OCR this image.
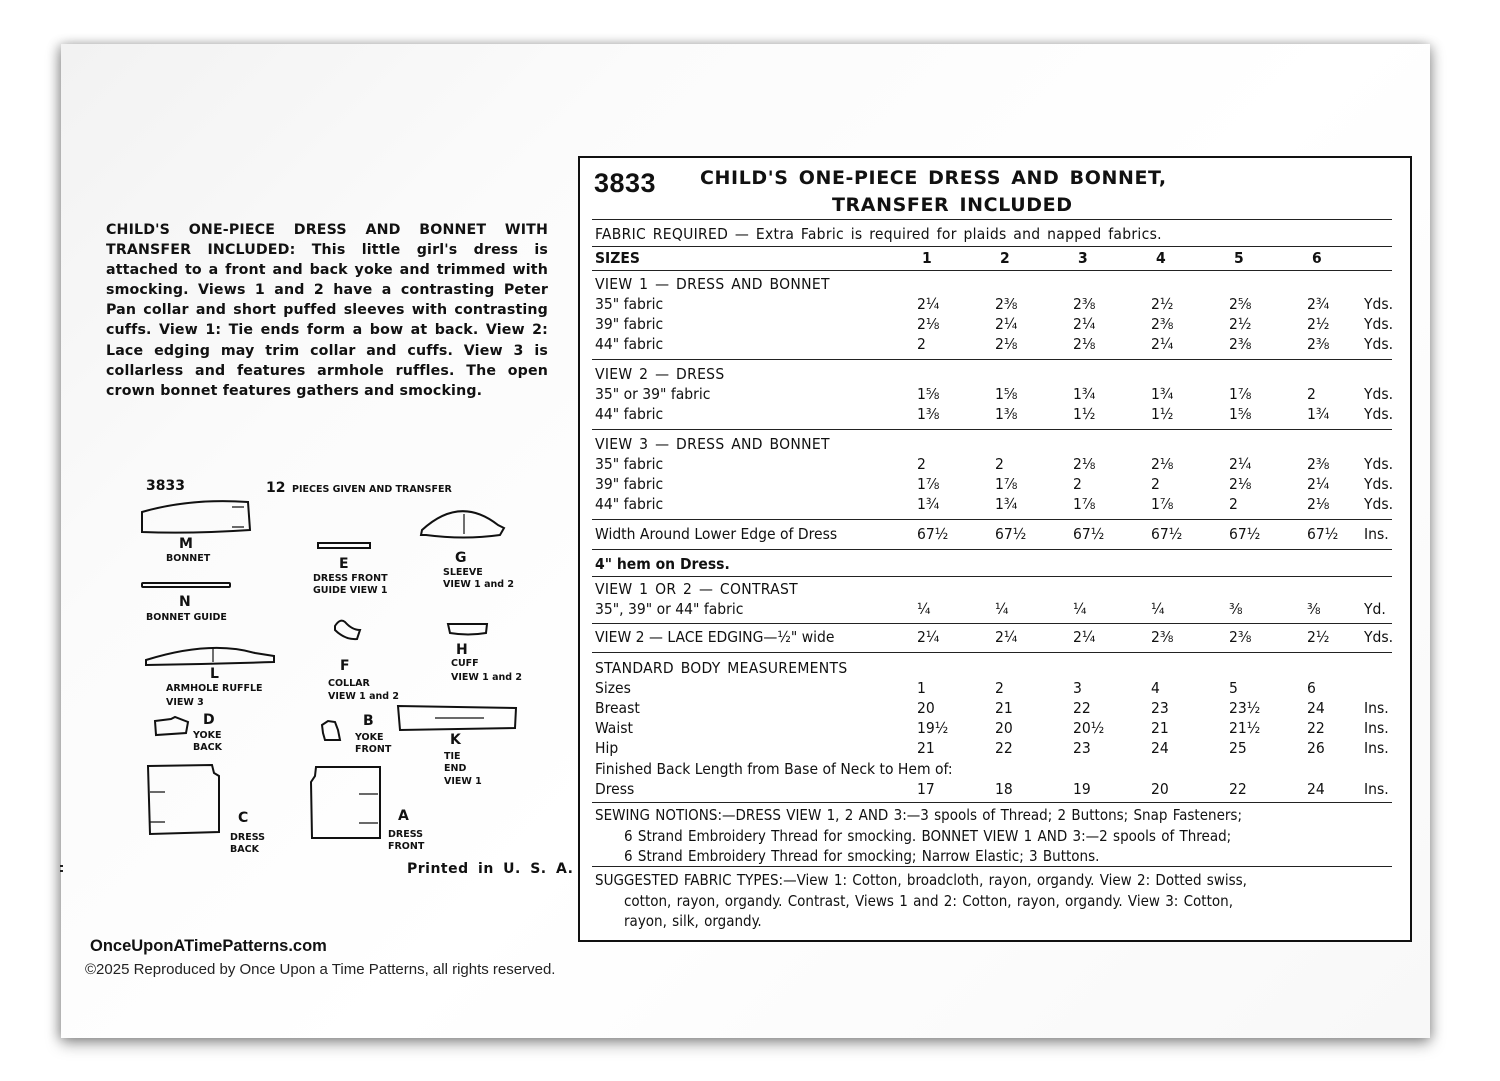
CHILD'S ONE-PIECE DRESS AND BONNET WITH TRANSFER INCLUDED: This little girl's dress is attached to a front and back yoke and trimmed with smocking. Views 1 and 2 have a contrasting Peter Pan collar and short puffed sleeves with contrasting cuffs. View 1: Tie ends form a bow at back. View 2: Lace edging may trim collar and cuffs. View 3 is collarless and features armhole ruffles. The open crown bonnet features gathers and smocking.
3833	12 PIECES GIVEN AND TRANSFER
M
BONNET
N
BONNET GUIDE
E
DRESS FRONT
GUIDE VIEW 1
G
SLEEVE
VIEW 1 and 2
L
ARMHOLE RUFFLE
VIEW 3
F
COLLAR
VIEW 1 and 2
H
CUFF
VIEW 1 and 2
D
YOKE
BACK
B
YOKE
FRONT
K
TIE
END
VIEW 1
C
DRESS
BACK
A
DRESS
FRONT
Printed in U. S. A.
OnceUponATimePatterns.com
©2025 Reproduced by Once Upon a Time Patterns, all rights reserved.
3833 CHILD'S ONE-PIECE DRESS AND BONNET,
TRANSFER INCLUDED
FABRIC REQUIRED — Extra Fabric is required for plaids and napped fabrics.
SIZES	1	2	3	4	5	6
VIEW 1 — DRESS AND BONNET
35" fabric	2¼	2⅜	2⅜	2½	2⅝	2¾	Yds.
39" fabric	2⅛	2¼	2¼	2⅜	2½	2½	Yds.
44" fabric	2	2⅛	2⅛	2¼	2⅜	2⅜	Yds.
VIEW 2 — DRESS
35" or 39" fabric	1⅝	1⅝	1¾	1¾	1⅞	2	Yds.
44" fabric	1⅜	1⅜	1½	1½	1⅝	1¾	Yds.
VIEW 3 — DRESS AND BONNET
35" fabric	2	2	2⅛	2⅛	2¼	2⅜	Yds.
39" fabric	1⅞	1⅞	2	2	2⅛	2¼	Yds.
44" fabric	1¾	1¾	1⅞	1⅞	2	2⅛	Yds.
Width Around Lower Edge of Dress	67½	67½	67½	67½	67½	67½	Ins.
4" hem on Dress.
VIEW 1 OR 2 — CONTRAST
35", 39" or 44" fabric	¼	¼	¼	¼	⅜	⅜	Yd.
VIEW 2 — LACE EDGING—½" wide	2¼	2¼	2¼	2⅜	2⅜	2½	Yds.
STANDARD BODY MEASUREMENTS
Sizes	1	2	3	4	5	6
Breast	20	21	22	23	23½	24	Ins.
Waist	19½	20	20½	21	21½	22	Ins.
Hip	21	22	23	24	25	26	Ins.
Finished Back Length from Base of Neck to Hem of:
Dress	17	18	19	20	22	24	Ins.
SEWING NOTIONS:—DRESS VIEW 1, 2 AND 3:—3 spools of Thread; 2 Buttons; Snap Fasteners;
6 Strand Embroidery Thread for smocking. BONNET VIEW 1 AND 3:—2 spools of Thread;
6 Strand Embroidery Thread for smocking; Narrow Elastic; 3 Buttons.
SUGGESTED FABRIC TYPES:—View 1: Cotton, broadcloth, rayon, organdy. View 2: Dotted swiss,
cotton, rayon, organdy. Contrast, Views 1 and 2: Cotton, rayon, organdy. View 3: Cotton,
rayon, silk, organdy.
